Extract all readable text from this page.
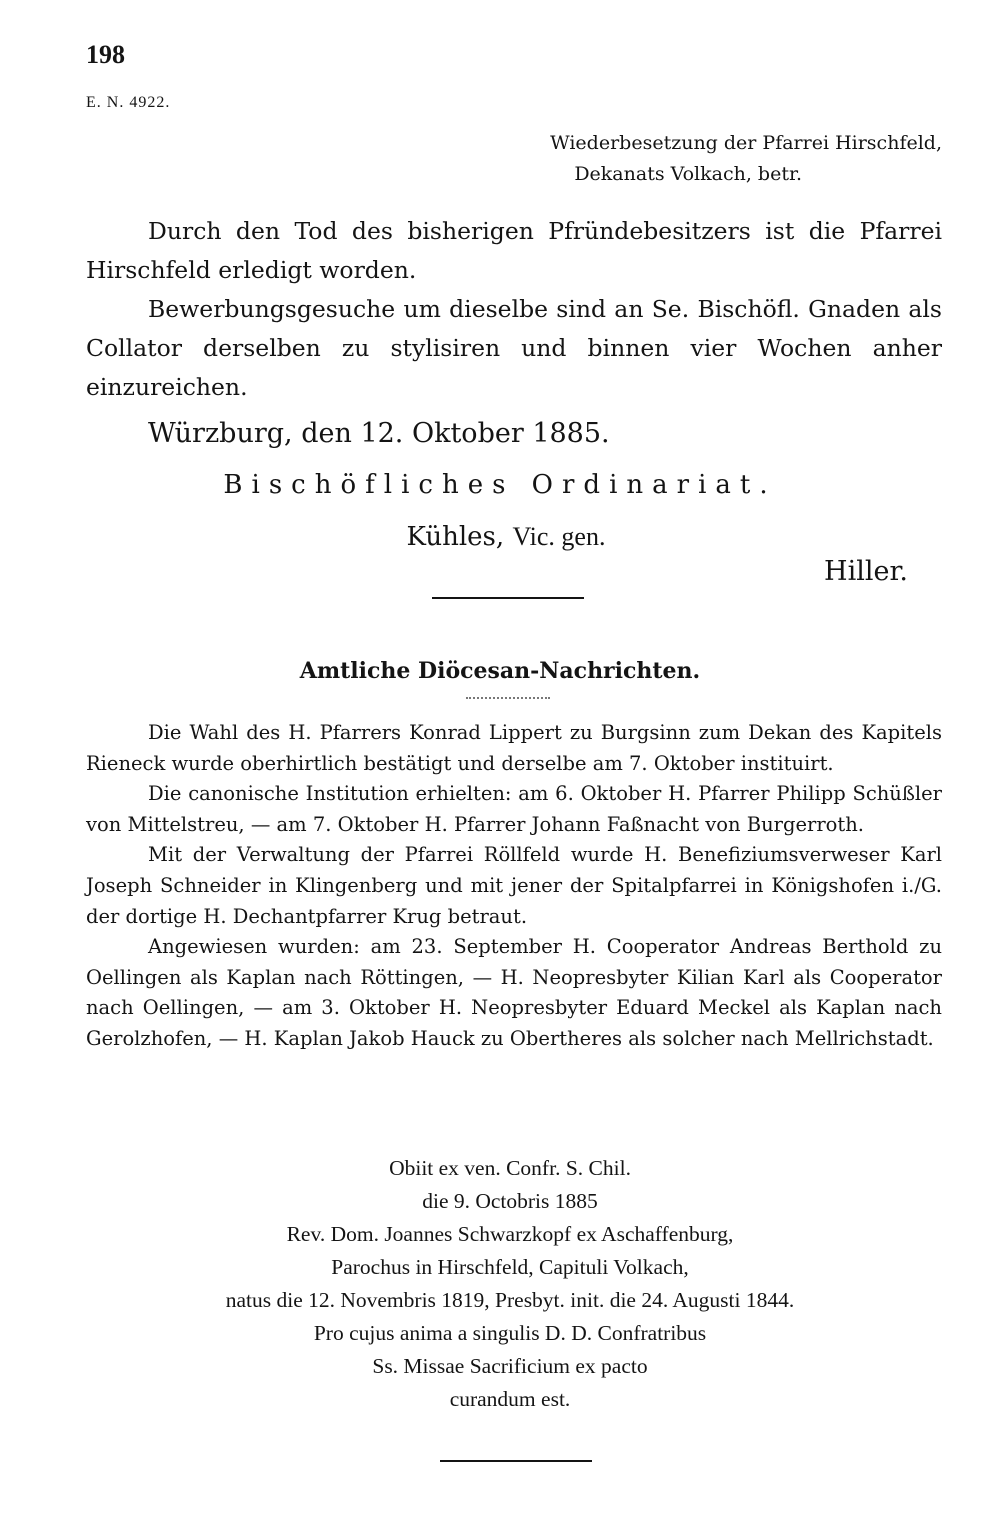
198
E. N. 4922.
Wiederbesetzung der Pfarrei Hirschfeld,
Dekanats Volkach, betr.

Durch den Tod des bisherigen Pfründebesitzers ist die Pfarrei Hirschfeld erledigt worden.

Bewerbungsgesuche um dieselbe sind an Se. Bischöfl. Gnaden als Collator derselben zu stylisiren und binnen vier Wochen anher einzureichen.

Würzburg, den 12. Oktober 1885.
Bischöfliches Ordinariat.
Kühles, Vic. gen.
Hiller.
Amtliche Diöcesan-Nachrichten.

Die Wahl des H. Pfarrers Konrad Lippert zu Burgsinn zum Dekan des Kapitels Rieneck wurde oberhirtlich bestätigt und derselbe am 7. Oktober instituirt.

Die canonische Institution erhielten: am 6. Oktober H. Pfarrer Philipp Schüßler von Mittelstreu, — am 7. Oktober H. Pfarrer Johann Faßnacht von Burgerroth.

Mit der Verwaltung der Pfarrei Röllfeld wurde H. Benefiziumsverweser Karl Joseph Schneider in Klingenberg und mit jener der Spitalpfarrei in Königshofen i./G. der dortige H. Dechantpfarrer Krug betraut.

Angewiesen wurden: am 23. September H. Cooperator Andreas Berthold zu Oellingen als Kaplan nach Röttingen, — H. Neopresbyter Kilian Karl als Cooperator nach Oellingen, — am 3. Oktober H. Neopresbyter Eduard Meckel als Kaplan nach Gerolzhofen, — H. Kaplan Jakob Hauck zu Obertheres als solcher nach Mellrichstadt.

Obiit ex ven. Confr. S. Chil.
die 9. Octobris 1885
Rev. Dom. Joannes Schwarzkopf ex Aschaffenburg,
Parochus in Hirschfeld, Capituli Volkach,
natus die 12. Novembris 1819, Presbyt. init. die 24. Augusti 1844.
Pro cujus anima a singulis D. D. Confratribus
Ss. Missae Sacrificium ex pacto
curandum est.
